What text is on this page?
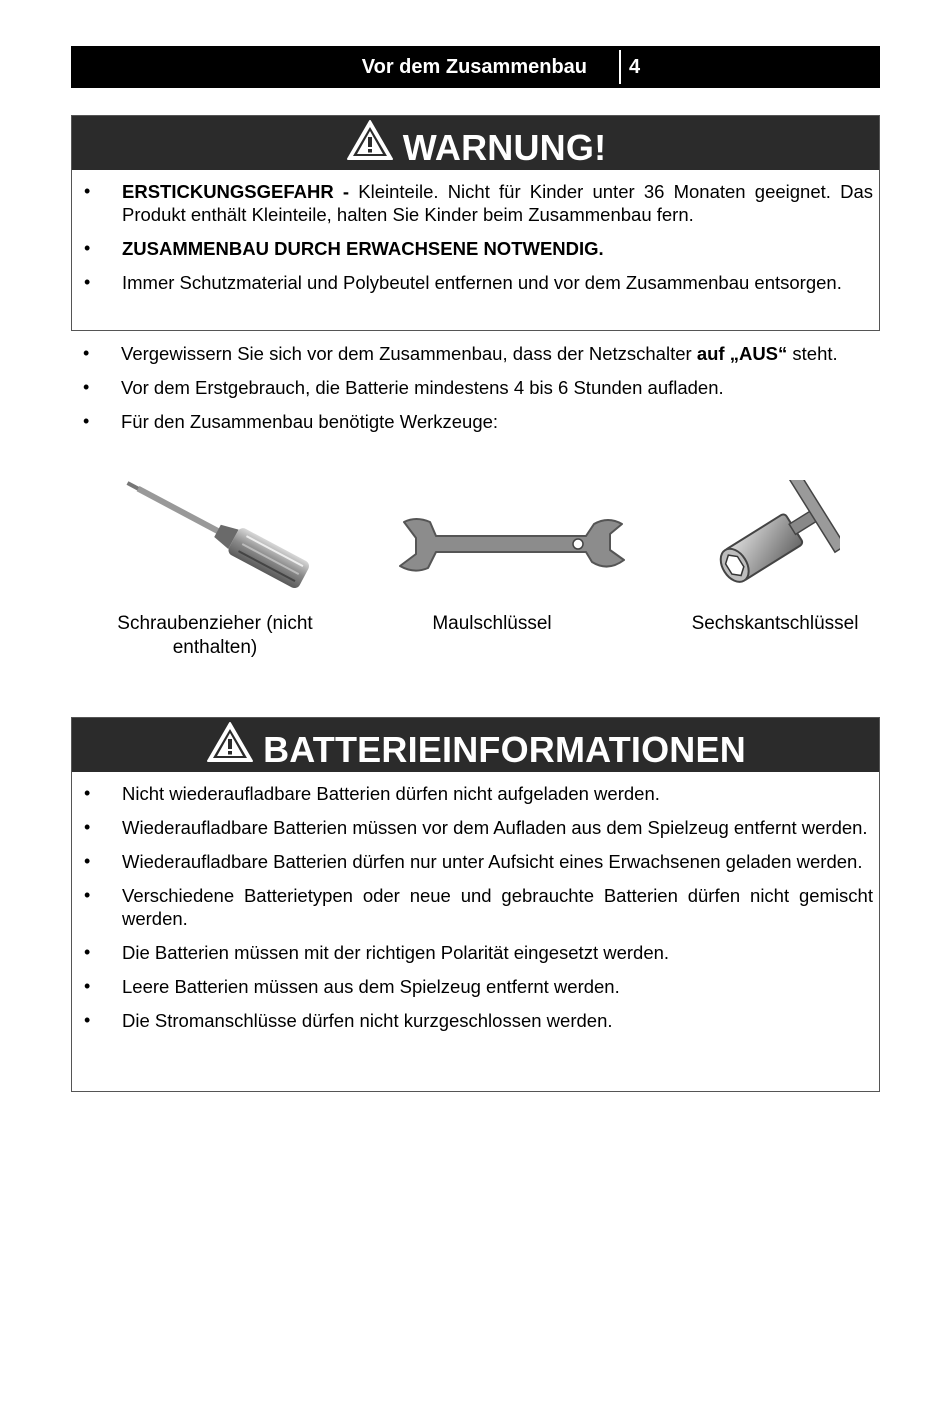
Vor dem Zusammenbau 4
WARNUNG!
• ERSTICKUNGSGEFAHR - Kleinteile. Nicht für Kinder unter 36 Monaten geeignet. Das Produkt enthält Kleinteile, halten Sie Kinder beim Zusammenbau fern.
• ZUSAMMENBAU DURCH ERWACHSENE NOTWENDIG.
• Immer Schutzmaterial und Polybeutel entfernen und vor dem Zusammenbau entsorgen.
• Vergewissern Sie sich vor dem Zusammenbau, dass der Netzschalter auf „AUS“ steht.
• Vor dem Erstgebrauch, die Batterie mindestens 4 bis 6 Stunden aufladen.
• Für den Zusammenbau benötigte Werkzeuge:
Schraubenzieher (nicht enthalten)
Maulschlüssel	Sechskantschlüssel
BATTERIEINFORMATIONEN
• Nicht wiederaufladbare Batterien dürfen nicht aufgeladen werden.
• Wiederaufladbare Batterien müssen vor dem Aufladen aus dem Spielzeug entfernt werden.
• Wiederaufladbare Batterien dürfen nur unter Aufsicht eines Erwachsenen geladen werden.
• Verschiedene Batterietypen oder neue und gebrauchte Batterien dürfen nicht gemischt werden.
• Die Batterien müssen mit der richtigen Polarität eingesetzt werden.
• Leere Batterien müssen aus dem Spielzeug entfernt werden.
• Die Stromanschlüsse dürfen nicht kurzgeschlossen werden.
